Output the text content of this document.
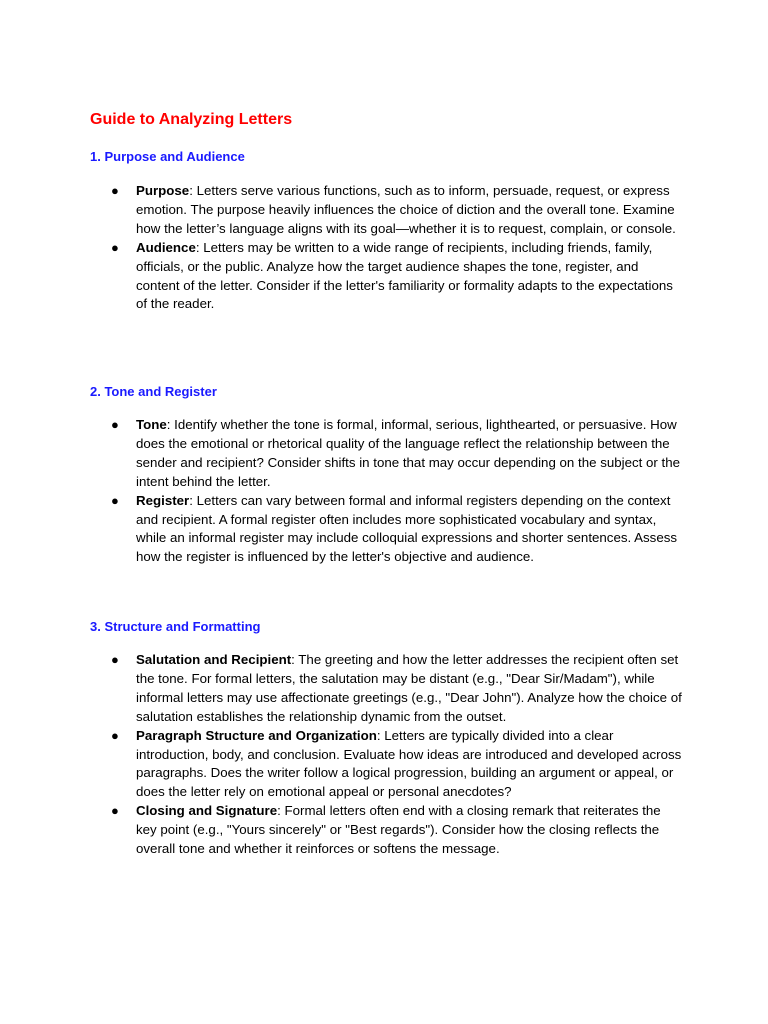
Guide to Analyzing Letters
1. Purpose and Audience
● Purpose: Letters serve various functions, such as to inform, persuade, request, or express emotion. The purpose heavily influences the choice of diction and the overall tone. Examine how the letter’s language aligns with its goal—whether it is to request, complain, or console.
● Audience: Letters may be written to a wide range of recipients, including friends, family, officials, or the public. Analyze how the target audience shapes the tone, register, and content of the letter. Consider if the letter's familiarity or formality adapts to the expectations of the reader.
2. Tone and Register
● Tone: Identify whether the tone is formal, informal, serious, lighthearted, or persuasive. How does the emotional or rhetorical quality of the language reflect the relationship between the sender and recipient? Consider shifts in tone that may occur depending on the subject or the intent behind the letter.
● Register: Letters can vary between formal and informal registers depending on the context and recipient. A formal register often includes more sophisticated vocabulary and syntax, while an informal register may include colloquial expressions and shorter sentences. Assess how the register is influenced by the letter's objective and audience.
3. Structure and Formatting
● Salutation and Recipient: The greeting and how the letter addresses the recipient often set the tone. For formal letters, the salutation may be distant (e.g., "Dear Sir/Madam"), while informal letters may use affectionate greetings (e.g., "Dear John"). Analyze how the choice of salutation establishes the relationship dynamic from the outset.
● Paragraph Structure and Organization: Letters are typically divided into a clear introduction, body, and conclusion. Evaluate how ideas are introduced and developed across paragraphs. Does the writer follow a logical progression, building an argument or appeal, or does the letter rely on emotional appeal or personal anecdotes?
● Closing and Signature: Formal letters often end with a closing remark that reiterates the key point (e.g., "Yours sincerely" or "Best regards"). Consider how the closing reflects the overall tone and whether it reinforces or softens the message.
